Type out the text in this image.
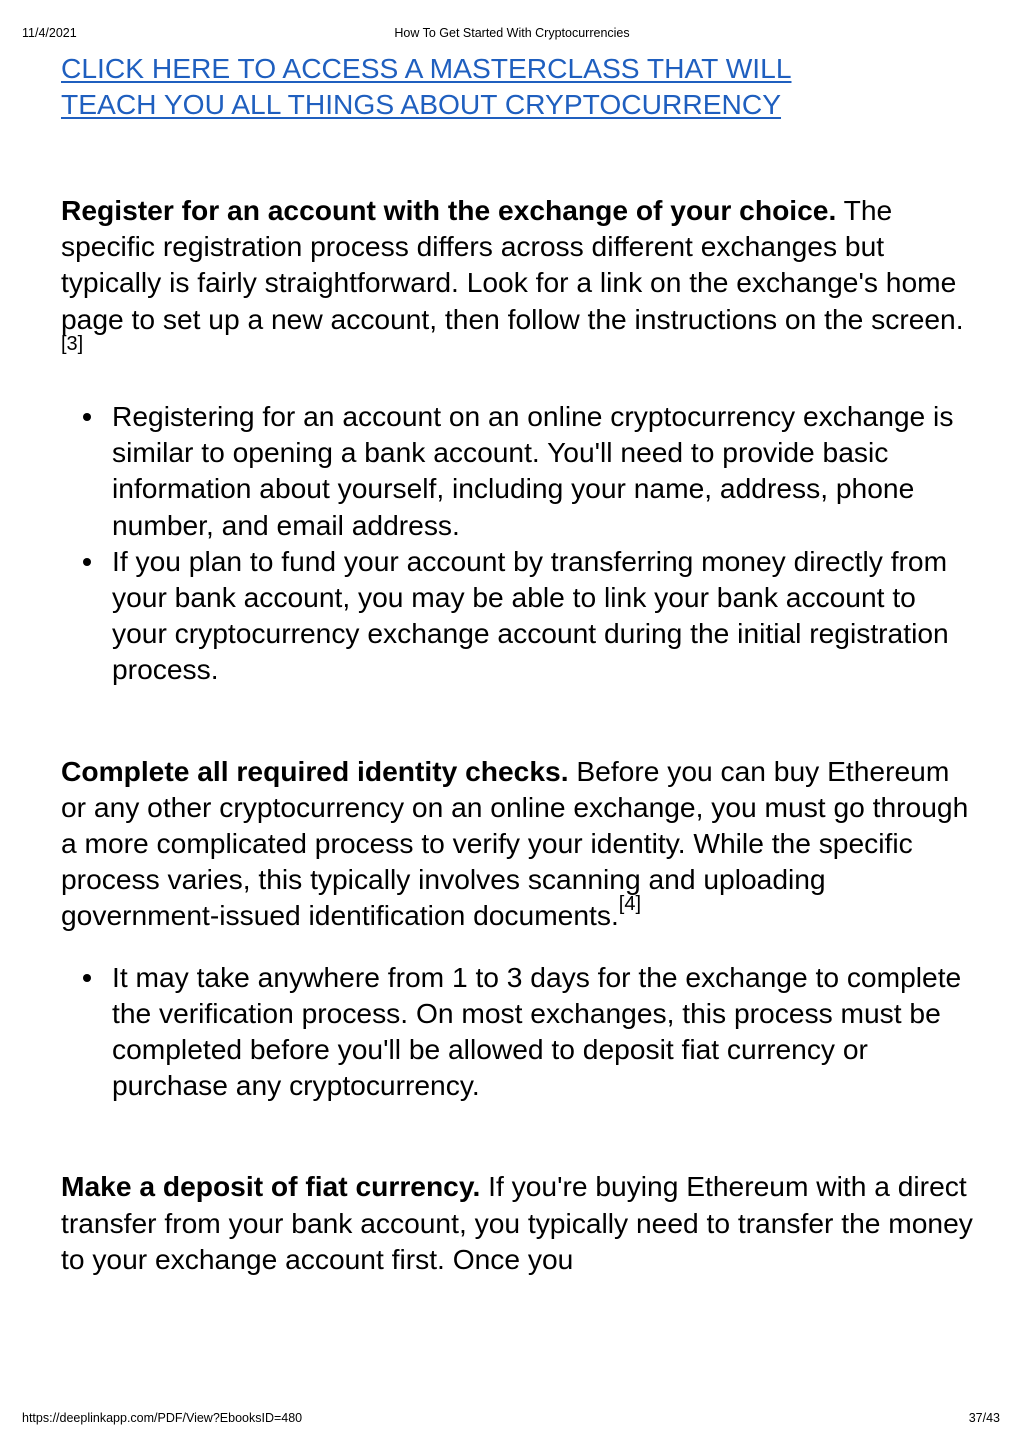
11/4/2021	How To Get Started With Cryptocurrencies
CLICK HERE TO ACCESS A MASTERCLASS THAT WILL TEACH YOU ALL THINGS ABOUT CRYPTOCURRENCY

Register for an account with the exchange of your choice. The specific registration process differs across different exchanges but typically is fairly straightforward. Look for a link on the exchange's home page to set up a new account, then follow the instructions on the screen.[3]

Registering for an account on an online cryptocurrency exchange is similar to opening a bank account. You'll need to provide basic information about yourself, including your name, address, phone number, and email address.
If you plan to fund your account by transferring money directly from your bank account, you may be able to link your bank account to your cryptocurrency exchange account during the initial registration process.

Complete all required identity checks. Before you can buy Ethereum or any other cryptocurrency on an online exchange, you must go through a more complicated process to verify your identity. While the specific process varies, this typically involves scanning and uploading government-issued identification documents.[4]

It may take anywhere from 1 to 3 days for the exchange to complete the verification process. On most exchanges, this process must be completed before you'll be allowed to deposit fiat currency or purchase any cryptocurrency.

Make a deposit of fiat currency. If you're buying Ethereum with a direct transfer from your bank account, you typically need to transfer the money to your exchange account first. Once you

https://deeplinkapp.com/PDF/View?EbooksID=480	37/43
